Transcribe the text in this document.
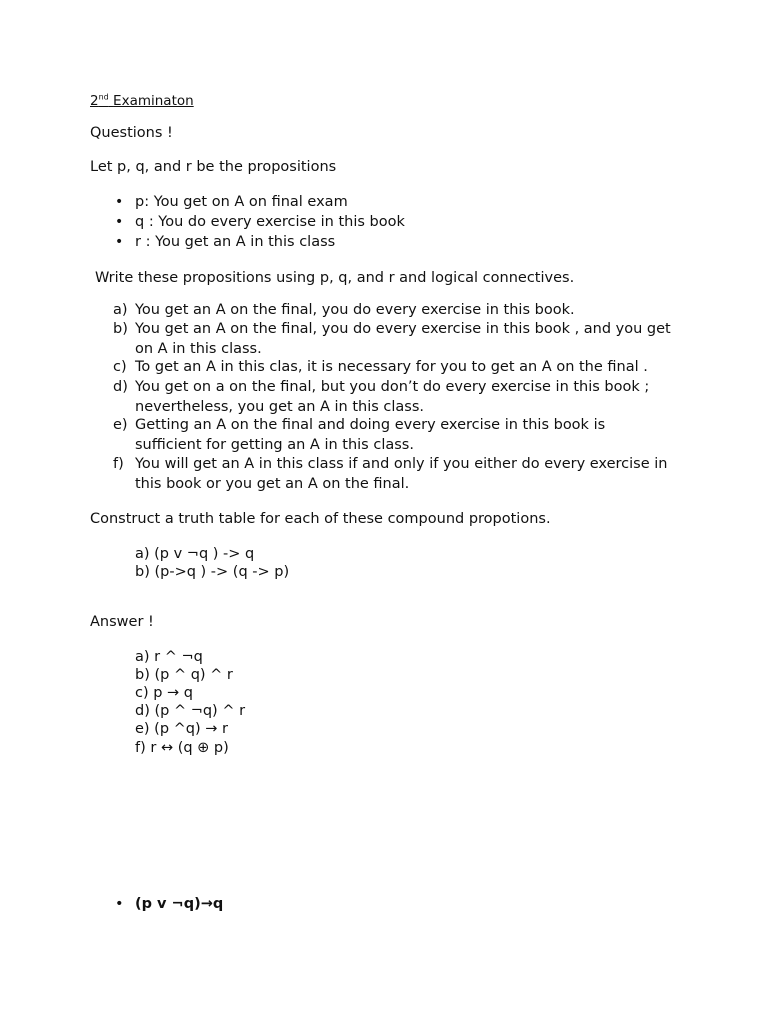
2nd Examinaton
Questions !
Let p, q, and r be the propositions
• p: You get on A on final exam
• q : You do every exercise in this book
• r : You get an A in this class
Write these propositions using p, q, and r and logical connectives.
a) You get an A on the final, you do every exercise in this book.
b) You get an A on the final, you do every exercise in this book , and you get on A in this class.
c) To get an A in this clas, it is necessary for you to get an A on the final .
d) You get on a on the final, but you don’t do every exercise in this book ; nevertheless, you get an A in this class.
e) Getting an A on the final and doing every exercise in this book is sufficient for getting an A in this class.
f) You will get an A in this class if and only if you either do every exercise in this book or you get an A on the final.
Construct a truth table for each of these compound propotions.
a) (p v ¬q ) -> q
b) (p->q ) -> (q -> p)
Answer !
a) r ^ ¬q
b) (p ^ q) ^ r
c) p → q
d) (p ^ ¬q) ^ r
e) (p ^q) → r
f) r ↔ (q ⊕ p)
• (p v ¬q)→q
